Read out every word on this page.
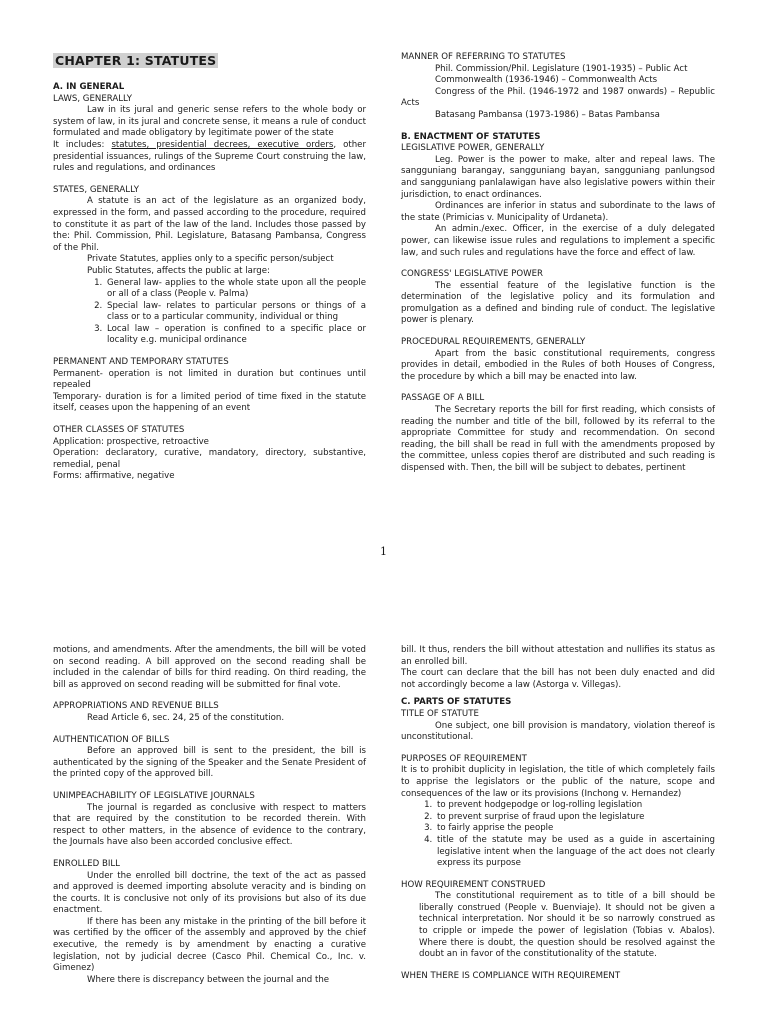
CHAPTER 1: STATUTES

A. IN GENERAL

LAWS, GENERALLY

Law in its jural and generic sense refers to the whole body or system of law, in its jural and concrete sense, it means a rule of conduct formulated and made obligatory by legitimate power of the state

It includes: statutes, presidential decrees, executive orders, other presidential issuances, rulings of the Supreme Court construing the law, rules and regulations, and ordinances

STATES, GENERALLY

A statute is an act of the legislature as an organized body, expressed in the form, and passed according to the procedure, required to constitute it as part of the law of the land. Includes those passed by the: Phil. Commission, Phil. Legislature, Batasang Pambansa, Congress of the Phil.

Private Statutes, applies only to a specific person/subject

Public Statutes, affects the public at large:

1. General law- applies to the whole state upon all the people or all of a class (People v. Palma)
2. Special law- relates to particular persons or things of a class or to a particular community, individual or thing
3. Local law – operation is confined to a specific place or locality e.g. municipal ordinance

PERMANENT AND TEMPORARY STATUTES

Permanent- operation is not limited in duration but continues until repealed

Temporary- duration is for a limited period of time fixed in the statute itself, ceases upon the happening of an event

OTHER CLASSES OF STATUTES

Application: prospective, retroactive

Operation: declaratory, curative, mandatory, directory, substantive, remedial, penal

Forms: affirmative, negative

MANNER OF REFERRING TO STATUTES

Phil. Commission/Phil. Legislature (1901-1935) – Public Act

Commonwealth (1936-1946) – Commonwealth Acts

Congress of the Phil. (1946-1972 and 1987 onwards) – Republic Acts

Batasang Pambansa (1973-1986) – Batas Pambansa

B. ENACTMENT OF STATUTES

LEGISLATIVE POWER, GENERALLY

Leg. Power is the power to make, alter and repeal laws. The sangguniang barangay, sangguniang bayan, sangguniang panlungsod and sangguniang panlalawigan have also legislative powers within their jurisdiction, to enact ordinances.

Ordinances are inferior in status and subordinate to the laws of the state (Primicias v. Municipality of Urdaneta).

An admin./exec. Officer, in the exercise of a duly delegated power, can likewise issue rules and regulations to implement a specific law, and such rules and regulations have the force and effect of law.

CONGRESS' LEGISLATIVE POWER

The essential feature of the legislative function is the determination of the legislative policy and its formulation and promulgation as a defined and binding rule of conduct. The legislative power is plenary.

PROCEDURAL REQUIREMENTS, GENERALLY

Apart from the basic constitutional requirements, congress provides in detail, embodied in the Rules of both Houses of Congress, the procedure by which a bill may be enacted into law.

PASSAGE OF A BILL

The Secretary reports the bill for first reading, which consists of reading the number and title of the bill, followed by its referral to the appropriate Committee for study and recommendation. On second reading, the bill shall be read in full with the amendments proposed by the committee, unless copies therof are distributed and such reading is dispensed with. Then, the bill will be subject to debates, pertinent

1

motions, and amendments. After the amendments, the bill will be voted on second reading. A bill approved on the second reading shall be included in the calendar of bills for third reading. On third reading, the bill as approved on second reading will be submitted for final vote.

APPROPRIATIONS AND REVENUE BILLS

Read Article 6, sec. 24, 25 of the constitution.

AUTHENTICATION OF BILLS

Before an approved bill is sent to the president, the bill is authenticated by the signing of the Speaker and the Senate President of the printed copy of the approved bill.

UNIMPEACHABILITY OF LEGISLATIVE JOURNALS

The journal is regarded as conclusive with respect to matters that are required by the constitution to be recorded therein. With respect to other matters, in the absence of evidence to the contrary, the Journals have also been accorded conclusive effect.

ENROLLED BILL

Under the enrolled bill doctrine, the text of the act as passed and approved is deemed importing absolute veracity and is binding on the courts. It is conclusive not only of its provisions but also of its due enactment.

If there has been any mistake in the printing of the bill before it was certified by the officer of the assembly and approved by the chief executive, the remedy is by amendment by enacting a curative legislation, not by judicial decree (Casco Phil. Chemical Co., Inc. v. Gimenez)

Where there is discrepancy between the journal and the

bill. It thus, renders the bill without attestation and nullifies its status as an enrolled bill.

The court can declare that the bill has not been duly enacted and did not accordingly become a law (Astorga v. Villegas).

C. PARTS OF STATUTES

TITLE OF STATUTE

One subject, one bill provision is mandatory, violation thereof is unconstitutional.

PURPOSES OF REQUIREMENT

It is to prohibit duplicity in legislation, the title of which completely fails to apprise the legislators or the public of the nature, scope and consequences of the law or its provisions (Inchong v. Hernandez)

1. to prevent hodgepodge or log-rolling legislation
2. to prevent surprise of fraud upon the legislature
3. to fairly apprise the people
4. title of the statute may be used as a guide in ascertaining legislative intent when the language of the act does not clearly express its purpose

HOW REQUIREMENT CONSTRUED

The constitutional requirement as to title of a bill should be liberally construed (People v. Buenviaje). It should not be given a technical interpretation. Nor should it be so narrowly construed as to cripple or impede the power of legislation (Tobias v. Abalos). Where there is doubt, the question should be resolved against the doubt an in favor of the constitutionality of the statute.

WHEN THERE IS COMPLIANCE WITH REQUIREMENT
